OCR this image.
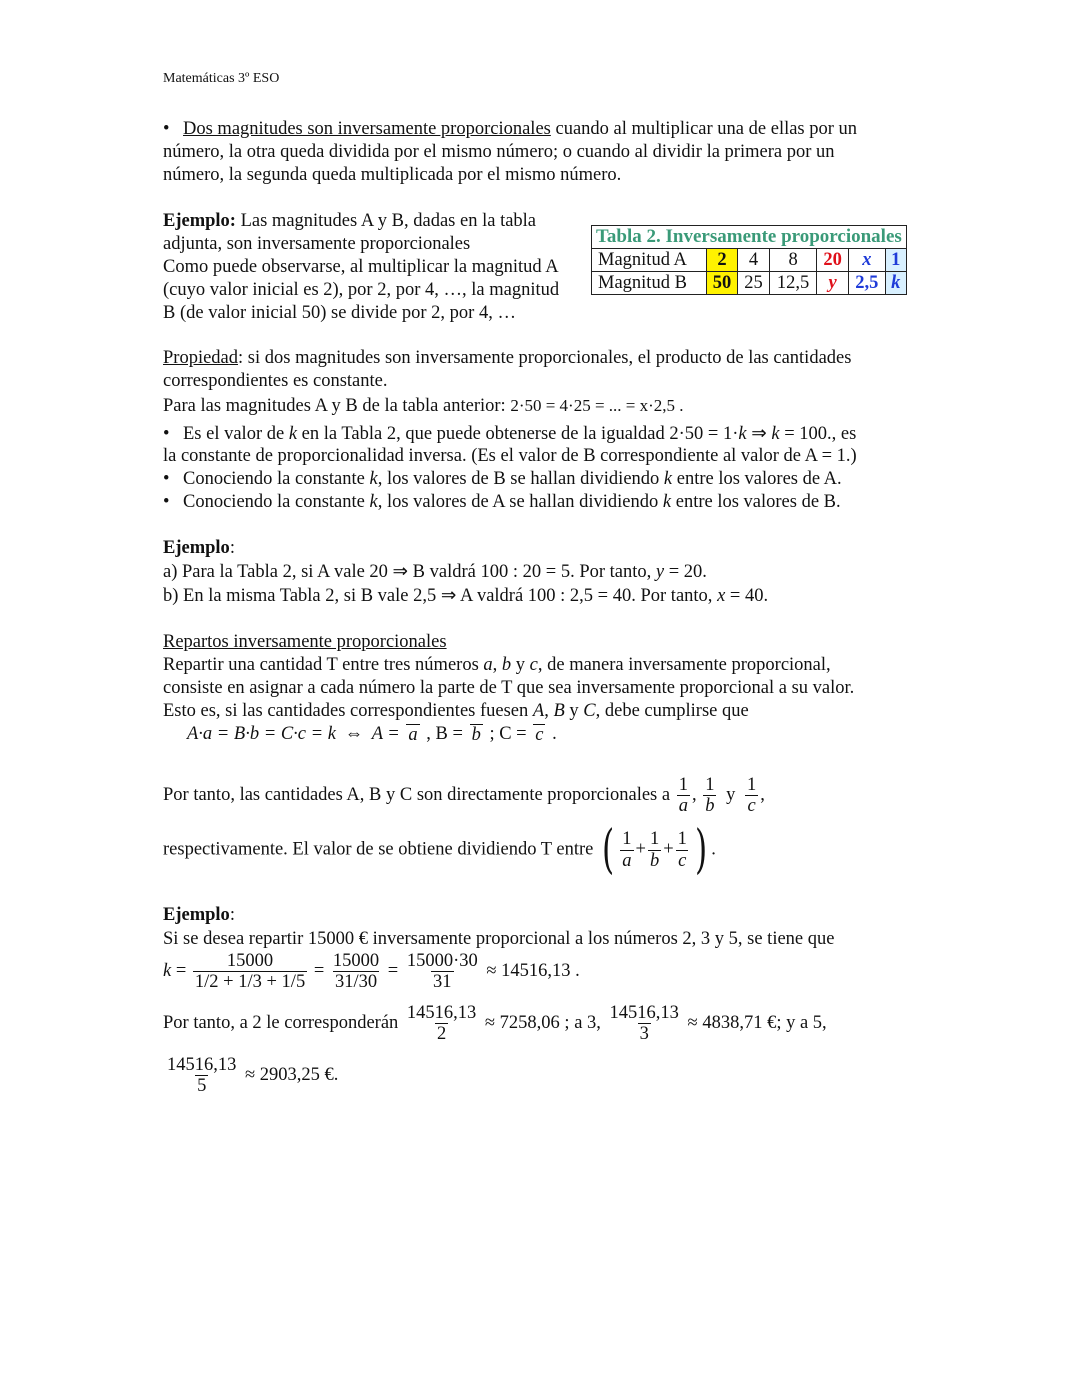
Matemáticas 3º ESO
• Dos magnitudes son inversamente proporcionales cuando al multiplicar una de ellas por un
número, la otra queda dividida por el mismo número; o cuando al dividir la primera por un
número, la segunda queda multiplicada por el mismo número.
Ejemplo: Las magnitudes A y B, dadas en la tabla
adjunta, son inversamente proporcionales
Como puede observarse, al multiplicar la magnitud A
(cuyo valor inicial es 2), por 2, por 4, …, la magnitud
B (de valor inicial 50) se divide por 2, por 4, …
Tabla 2. Inversamente proporcionales						
Magnitud A	2	4	8	20	x	1
Magnitud B	50	25	12,5	y	2,5	k
Propiedad: si dos magnitudes son inversamente proporcionales, el producto de las cantidades
correspondientes es constante.
Para las magnitudes A y B de la tabla anterior: 2·50 = 4·25 = ... = x·2,5 .
• Es el valor de k en la Tabla 2, que puede obtenerse de la igualdad 2·50 = 1·k ⇒ k = 100., es
la constante de proporcionalidad inversa. (Es el valor de B correspondiente al valor de A = 1.)
• Conociendo la constante k, los valores de B se hallan dividiendo k entre los valores de A.
• Conociendo la constante k, los valores de A se hallan dividiendo k entre los valores de B.
Ejemplo:
a) Para la Tabla 2, si A vale 20 ⇒ B valdrá 100 : 20 = 5. Por tanto, y = 20.
b) En la misma Tabla 2, si B vale 2,5 ⇒ A valdrá 100 : 2,5 = 40. Por tanto, x = 40.
Repartos inversamente proporcionales
Repartir una cantidad T entre tres números a, b y c, de manera inversamente proporcional,
consiste en asignar a cada número la parte de T que sea inversamente proporcional a su valor.
Esto es, si las cantidades correspondientes fuesen A, B y C, debe cumplirse que
A·a = B·b = C·c = k ⇔ A = a , B = b ; C = c .
Por tanto, las cantidades A, B y C son directamente proporcionales a $\frac{1}{a}$ , $\frac{1}{b}$ y $\frac{1}{c}$ ,
respectivamente. El valor de se obtiene dividiendo T entre ( $\frac{1}{a} + \frac{1}{b} + \frac{1}{c}$ ) .
Ejemplo:
Si se desea repartir 15000 € inversamente proporcional a los números 2, 3 y 5, se tiene que
$k = \frac{15000}{1/2 + 1/3 + 1/5} = \frac{15000}{31/30} = \frac{15000\cdot 30}{31} \approx 14516,13$ .
Por tanto, a 2 le corresponderán $\frac{14516,13}{2} \approx 7258,06$ ; a 3, $\frac{14516,13}{3} \approx 4838,71$ €; y a 5,
$\frac{14516,13}{5} \approx 2903,25$ €.
